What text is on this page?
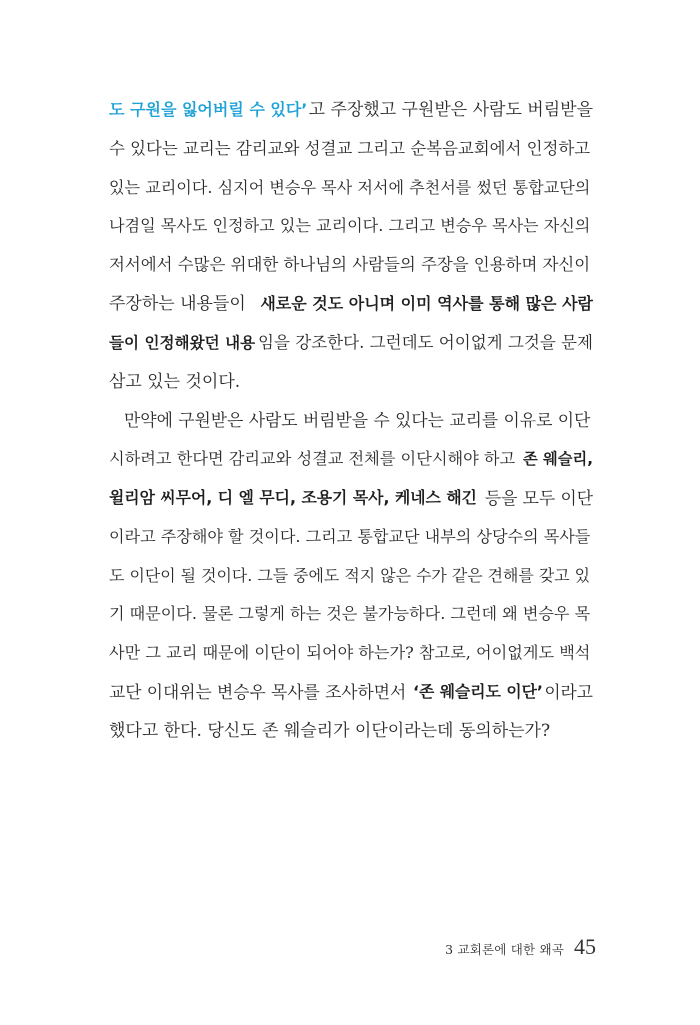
도 구원을 잃어버릴 수 있다’ 고 주장했고 구원받은 사람도 버림받을
수 있다는 교리는 감리교와 성결교 그리고 순복음교회에서 인정하고
있는 교리이다. 심지어 변승우 목사 저서에 추천서를 썼던 통합교단의
나겸일 목사도 인정하고 있는 교리이다. 그리고 변승우 목사는 자신의
저서에서 수많은 위대한 하나님의 사람들의 주장을 인용하며 자신이
주장하는 내용들이 새로운 것도 아니며 이미 역사를 통해 많은 사람
들이 인정해왔던 내용 임을 강조한다. 그런데도 어이없게 그것을 문제
삼고 있는 것이다.
만약에 구원받은 사람도 버림받을 수 있다는 교리를 이유로 이단
시하려고 한다면 감리교와 성결교 전체를 이단시해야 하고 존 웨슬리,
윌리암 씨무어, 디 엘 무디, 조용기 목사, 케네스 해긴 등을 모두 이단
이라고 주장해야 할 것이다. 그리고 통합교단 내부의 상당수의 목사들
도 이단이 될 것이다. 그들 중에도 적지 않은 수가 같은 견해를 갖고 있
기 때문이다. 물론 그렇게 하는 것은 불가능하다. 그런데 왜 변승우 목
사만 그 교리 때문에 이단이 되어야 하는가? 참고로, 어이없게도 백석
교단 이대위는 변승우 목사를 조사하면서 ‘존 웨슬리도 이단’ 이라고
했다고 한다. 당신도 존 웨슬리가 이단이라는데 동의하는가?
3 교회론에 대한 왜곡 45
